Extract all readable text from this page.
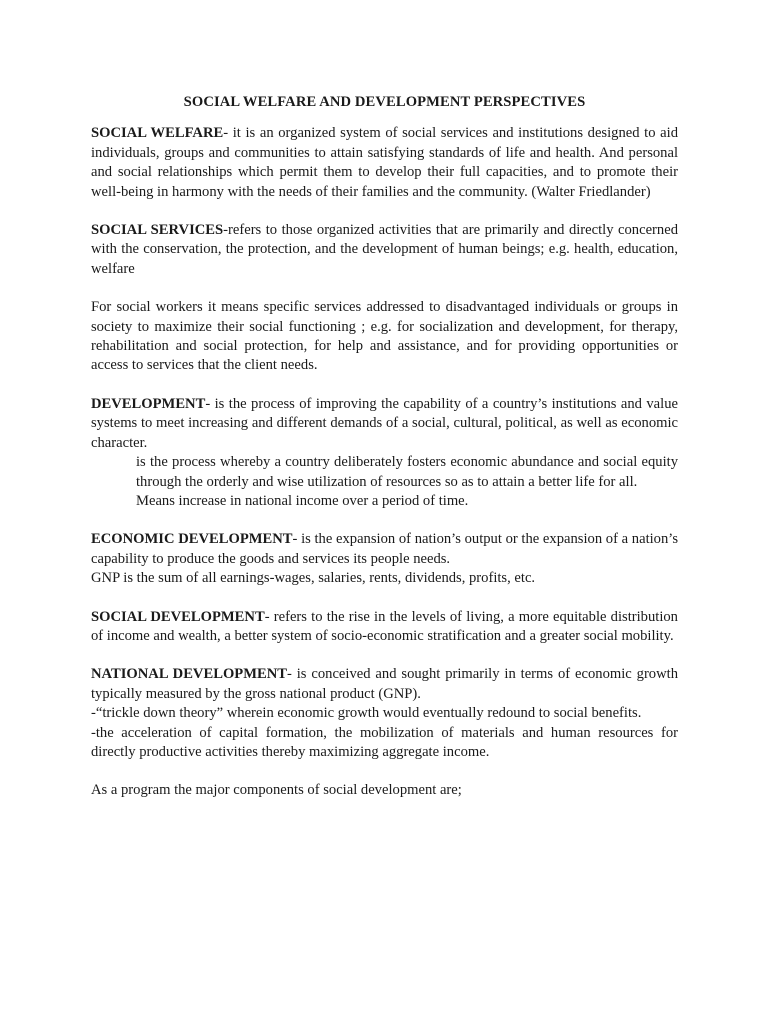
SOCIAL WELFARE AND DEVELOPMENT PERSPECTIVES

SOCIAL WELFARE- it is an organized system of social services and institutions designed to aid individuals, groups and communities to attain satisfying standards of life and health. And personal and social relationships which permit them to develop their full capacities, and to promote their well-being in harmony with the needs of their families and the community. (Walter Friedlander)

SOCIAL SERVICES-refers to those organized activities that are primarily and directly concerned with the conservation, the protection, and the development of human beings; e.g. health, education, welfare

For social workers it means specific services addressed to disadvantaged individuals or groups in society to maximize their social functioning ; e.g. for socialization and development, for therapy, rehabilitation and social protection, for help and assistance, and for providing opportunities or access to services that the client needs.

DEVELOPMENT- is the process of improving the capability of a country’s institutions and value systems to meet increasing and different demands of a social, cultural, political, as well as economic character.
is the process whereby a country deliberately fosters economic abundance and social equity through the orderly and wise utilization of resources so as to attain a better life for all.
Means increase in national income over a period of time.
ECONOMIC DEVELOPMENT- is the expansion of nation’s output or the expansion of a nation’s capability to produce the goods and services its people needs.
GNP is the sum of all earnings-wages, salaries, rents, dividends, profits, etc.

SOCIAL DEVELOPMENT- refers to the rise in the levels of living, a more equitable distribution of income and wealth, a better system of socio-economic stratification and a greater social mobility.

NATIONAL DEVELOPMENT- is conceived and sought primarily in terms of economic growth typically measured by the gross national product (GNP).
-“trickle down theory” wherein economic growth would eventually redound to social benefits.
-the acceleration of capital formation, the mobilization of materials and human resources for directly productive activities thereby maximizing aggregate income.

As a program the major components of social development are;
